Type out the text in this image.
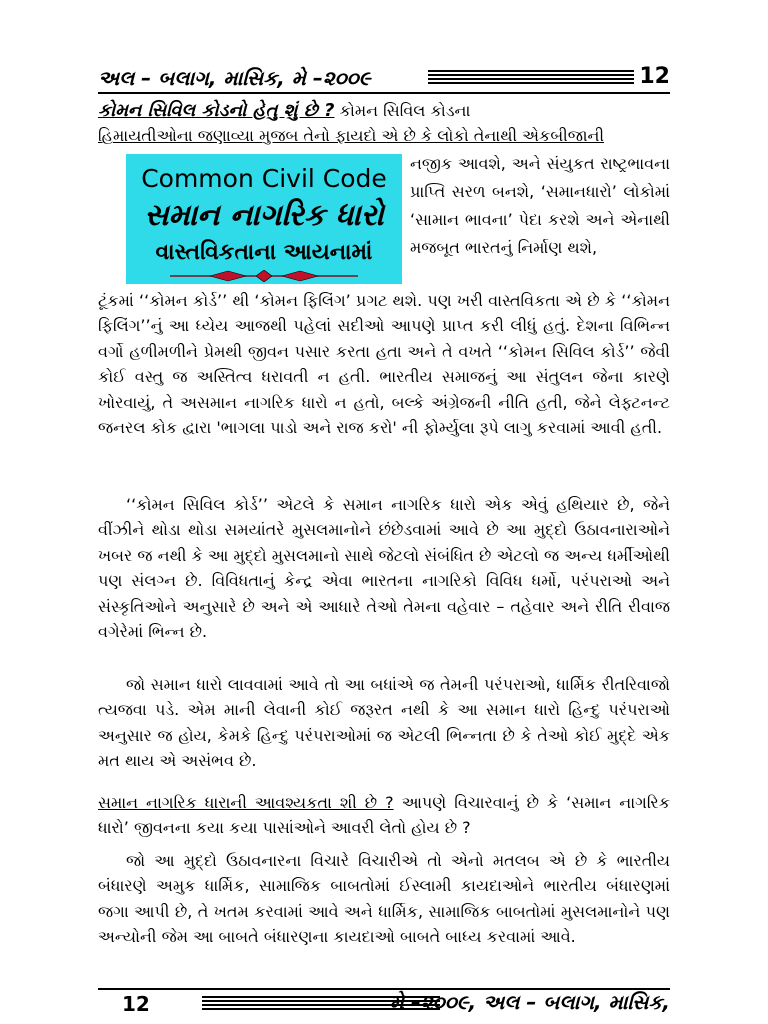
અલ – બલાગ, માસિક, મે –૨૦૦૯	12
કોમન સિવિલ કોડનો હેતુ શું છે ? કોમન સિવિલ કોડના
હિમાયતીઓના જણાવ્યા મુજબ તેનો ફાયદો એ છે કે લોકો તેનાથી એકબીજાની
Common Civil Code
સમાન નાગરિક ધારો
વાસ્તવિકતાના આયનામાં
નજીક આવશે, અને સંયુકત રાષ્ટ્રભાવના પ્રાપ્તિ સરળ બનશે, ‘સમાનધારો’ લોકોમાં ‘સામાન ભાવના’ પેદા કરશે અને એનાથી મજબૂત ભારતનું નિર્માણ થશે,
ટૂંકમાં ‘‘કોમન કોર્ડ’’ થી ‘કોમન ફિલિંગ’ પ્રગટ થશે. પણ ખરી વાસ્તવિકતા એ છે કે ‘‘કોમન ફિલિંગ’’નું આ ધ્યેય આજથી પહેલાં સદીઓ આપણે પ્રાપ્ત કરી લીધું હતું. દેશના વિભિન્ન વર્ગો હળીમળીને પ્રેમથી જીવન પસાર કરતા હતા અને તે વખતે ‘‘કોમન સિવિલ કોર્ડ’’ જેવી કોઈ વસ્તુ જ અસ્તિત્વ ધરાવતી ન હતી. ભારતીય સમાજનું આ સંતુલન જેના કારણે ખોરવાયું, તે અસમાન નાગરિક ધારો ન હતો, બલ્કે અંગ્રેજની નીતિ હતી, જેને લેફ્ટનન્ટ જનરલ કોક દ્વારા 'ભાગલા પાડો અને રાજ કરો' ની ફોર્મ્યુલા રૂપે લાગુ કરવામાં આવી હતી.
‘‘કોમન સિવિલ કોર્ડ’’ એટલે કે સમાન નાગરિક ધારો એક એવું હથિયાર છે, જેને વીંઝીને થોડા થોડા સમયાંતરે મુસલમાનોને છંછેડવામાં આવે છે આ મુદ્દો ઉઠાવનારાઓને ખબર જ નથી કે આ મુદ્દો મુસલમાનો સાથે જેટલો સંબંધિત છે એટલો જ અન્ય ધર્મીઓથી પણ સંલગ્ન છે. વિવિધતાનું કેન્દ્ર એવા ભારતના નાગરિકો વિવિધ ધર્મો, પરંપરાઓ અને સંસ્કૃતિઓને અનુસારે છે અને એ આધારે તેઓ તેમના વહેવાર – તહેવાર અને રીતિ રીવાજ વગેરેમાં ભિન્ન છે.
જો સમાન ધારો લાવવામાં આવે તો આ બધાંએ જ તેમની પરંપરાઓ, ધાર્મિક રીતરિવાજો ત્યજવા પડે. એમ માની લેવાની કોઈ જરૂરત નથી કે આ સમાન ધારો હિન્દુ પરંપરાઓ અનુસાર જ હોય, કેમકે હિન્દુ પરંપરાઓમાં જ એટલી ભિન્નતા છે કે તેઓ કોઈ મુદ્દે એક મત થાય એ અસંભવ છે.
સમાન નાગરિક ધારાની આવશ્યકતા શી છે ? આપણે વિચારવાનું છે કે ‘સમાન નાગરિક ધારો’ જીવનના કયા કયા પાસાંઓને આવરી લેતો હોય છે ?
જો આ મુદ્દો ઉઠાવનારના વિચારે વિચારીએ તો એનો મતલબ એ છે કે ભારતીય બંધારણે અમુક ધાર્મિક, સામાજિક બાબતોમાં ઈસ્લામી કાયદાઓને ભારતીય બંધારણમાં જગા આપી છે, તે ખતમ કરવામાં આવે અને ધાર્મિક, સામાજિક બાબતોમાં મુસલમાનોને પણ અન્યોની જેમ આ બાબતે બંધારણના કાયદાઓ બાબતે બાધ્ય કરવામાં આવે.
12	મે –૨૦૦૯, અલ – બલાગ, માસિક,
